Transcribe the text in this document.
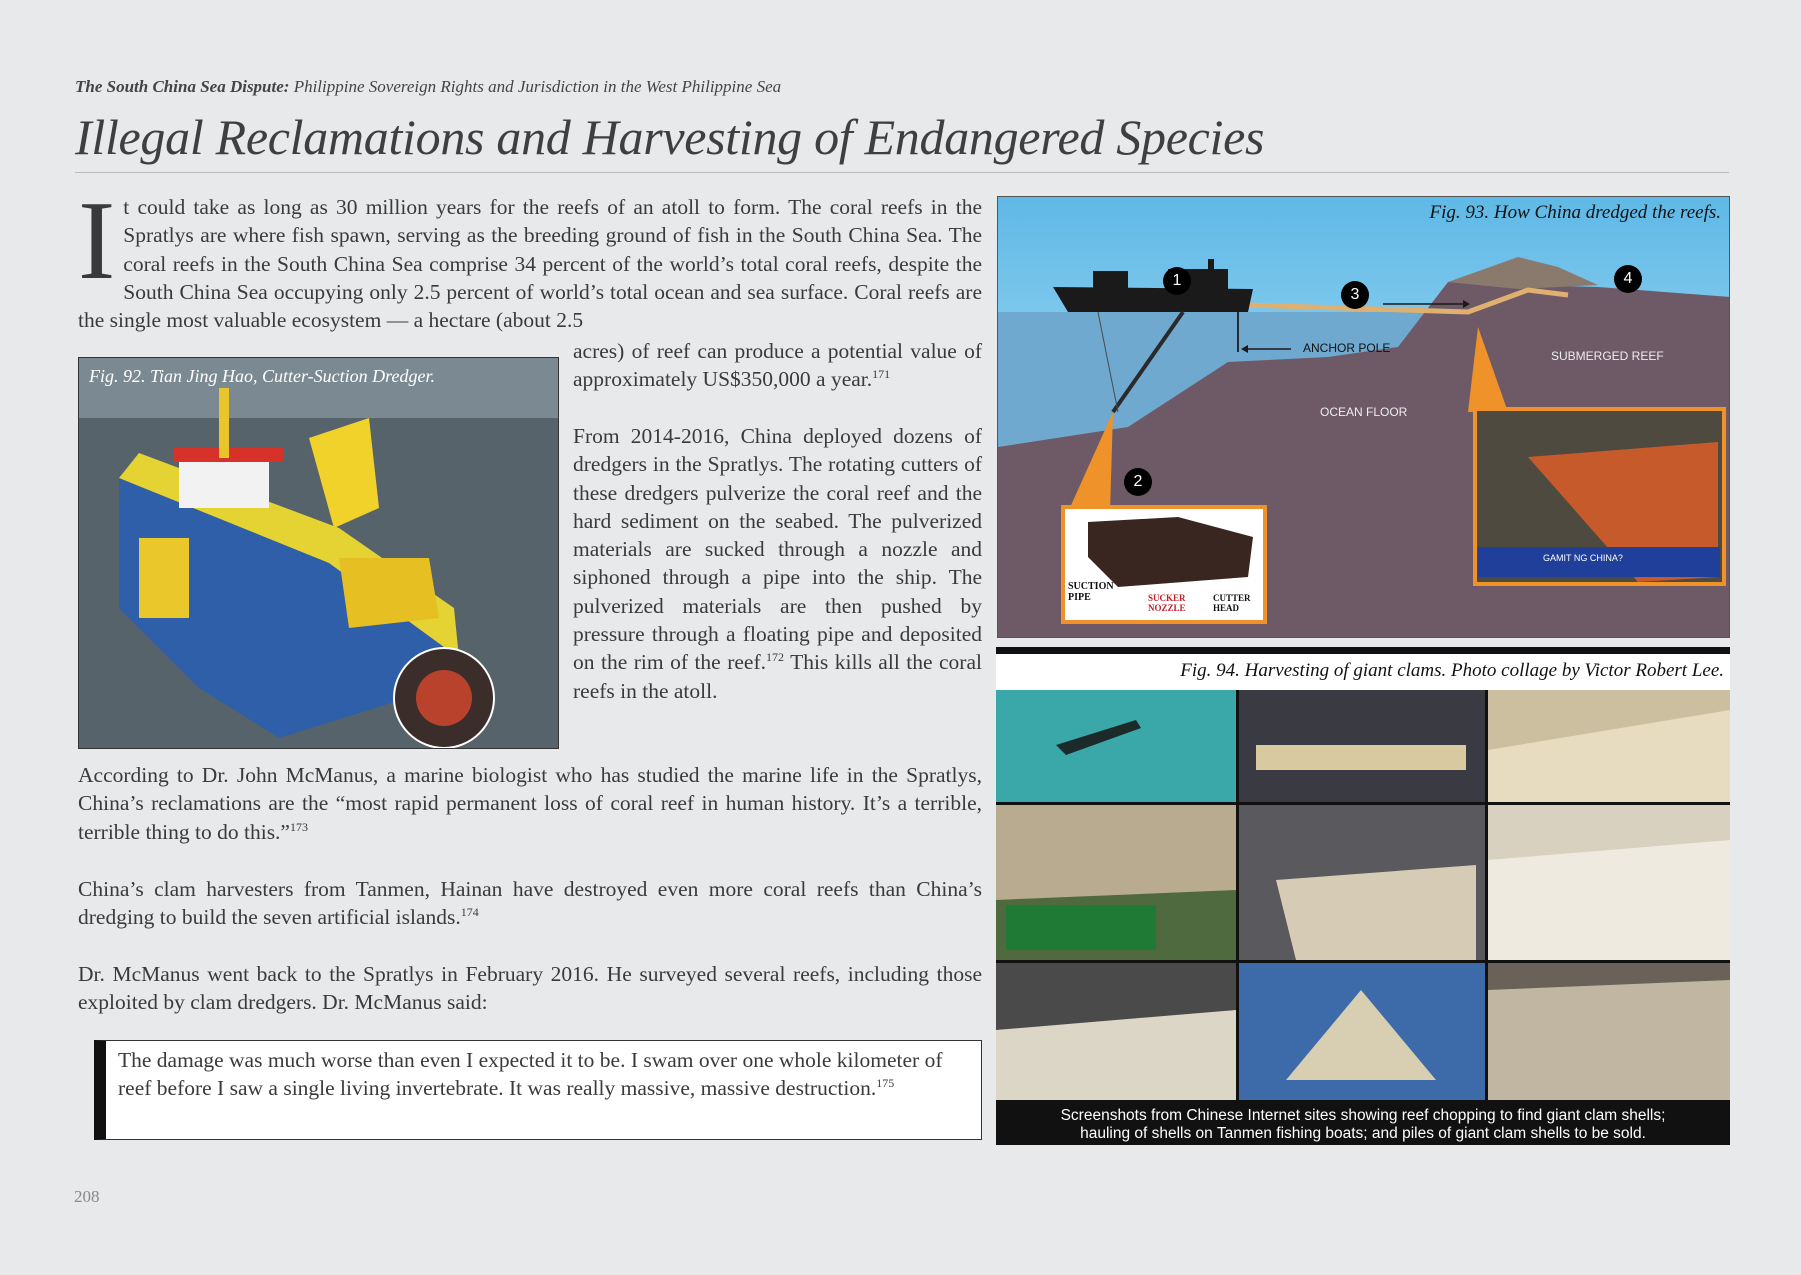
The South China Sea Dispute: Philippine Sovereign Rights and Jurisdiction in the West Philippine Sea
Illegal Reclamations and Harvesting of Endangered Species

It could take as long as 30 million years for the reefs of an atoll to form. The coral reefs in the Spratlys are where fish spawn, serving as the breeding ground of fish in the South China Sea. The coral reefs in the South China Sea comprise 34 percent of the world’s total coral reefs, despite the South China Sea occupying only 2.5 percent of world’s total ocean and sea surface. Coral reefs are the single most valuable ecosystem — a hectare (about 2.5

acres) of reef can produce a potential value of approximately US$350,000 a year.$^{171}$

From 2014-2016, China deployed dozens of dredgers in the Spratlys. The rotating cutters of these dredgers pulverize the coral reef and the hard sediment on the seabed. The pulverized materials are sucked through a nozzle and siphoned through a pipe into the ship. The pulverized materials are then pushed by pressure through a floating pipe and deposited on the rim of the reef.$^{172}$ This kills all the coral reefs in the atoll.

According to Dr. John McManus, a marine biologist who has studied the marine life in the Spratlys, China’s reclamations are the “most rapid permanent loss of coral reef in human history. It’s a terrible, terrible thing to do this.”$^{173}$

China’s clam harvesters from Tanmen, Hainan have destroyed even more coral reefs than China’s dredging to build the seven artificial islands.$^{174}$

Dr. McManus went back to the Spratlys in February 2016. He surveyed several reefs, including those exploited by clam dredgers. Dr. McManus said:

The damage was much worse than even I expected it to be. I swam over one whole kilometer of reef before I saw a single living invertebrate. It was really massive, massive destruction.$^{175}$

208
Fig. 92. Tian Jing Hao, Cutter-Suction Dredger.
Fig. 93. How China dredged the reefs.
ANCHOR POLE
SUBMERGED REEF
OCEAN FLOOR
SUCTION PIPE	SUCKER NOZZLE
CUTTER HEAD
GAMIT NG CHINA?
1
2
3
4
Fig. 94. Harvesting of giant clams. Photo collage by Victor Robert Lee.
Screenshots from Chinese Internet sites showing reef chopping to find giant clam shells;
hauling of shells on Tanmen fishing boats; and piles of giant clam shells to be sold.
